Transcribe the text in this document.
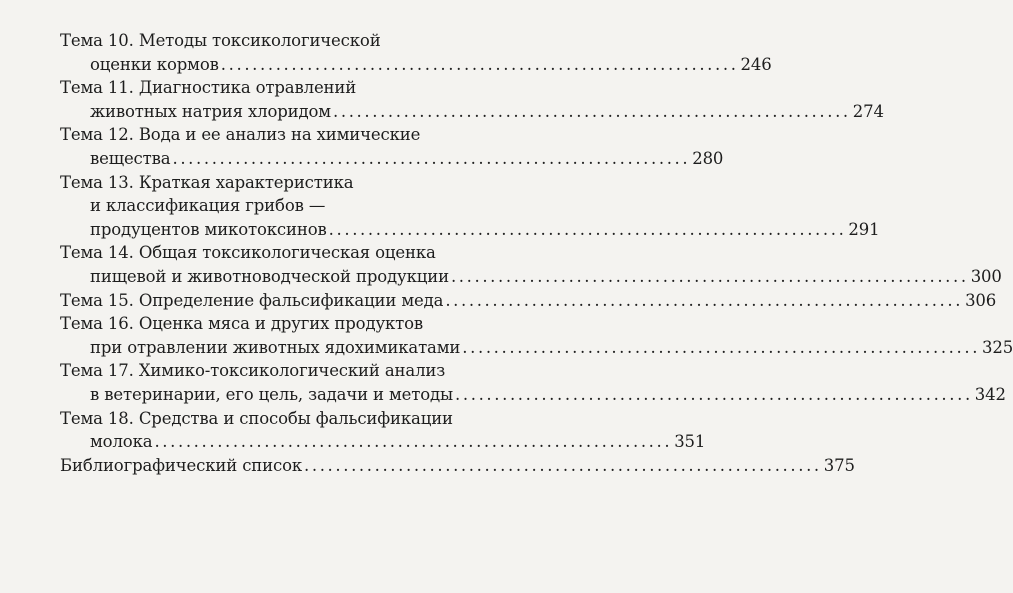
Тема 10. Методы токсикологической
оценки кормов .................................................................. 246
Тема 11. Диагностика отравлений
животных натрия хлоридом .................................................................. 274
Тема 12. Вода и ее анализ на химические
вещества .................................................................. 280
Тема 13. Краткая характеристика
и классификация грибов —
продуцентов микотоксинов .................................................................. 291
Тема 14. Общая токсикологическая оценка
пищевой и животноводческой продукции .................................................................. 300
Тема 15. Определение фальсификации меда .................................................................. 306
Тема 16. Оценка мяса и других продуктов
при отравлении животных ядохимикатами .................................................................. 325
Тема 17. Химико-токсикологический анализ
в ветеринарии, его цель, задачи и методы .................................................................. 342
Тема 18. Средства и способы фальсификации
молока .................................................................. 351
Библиографический список .................................................................. 375
